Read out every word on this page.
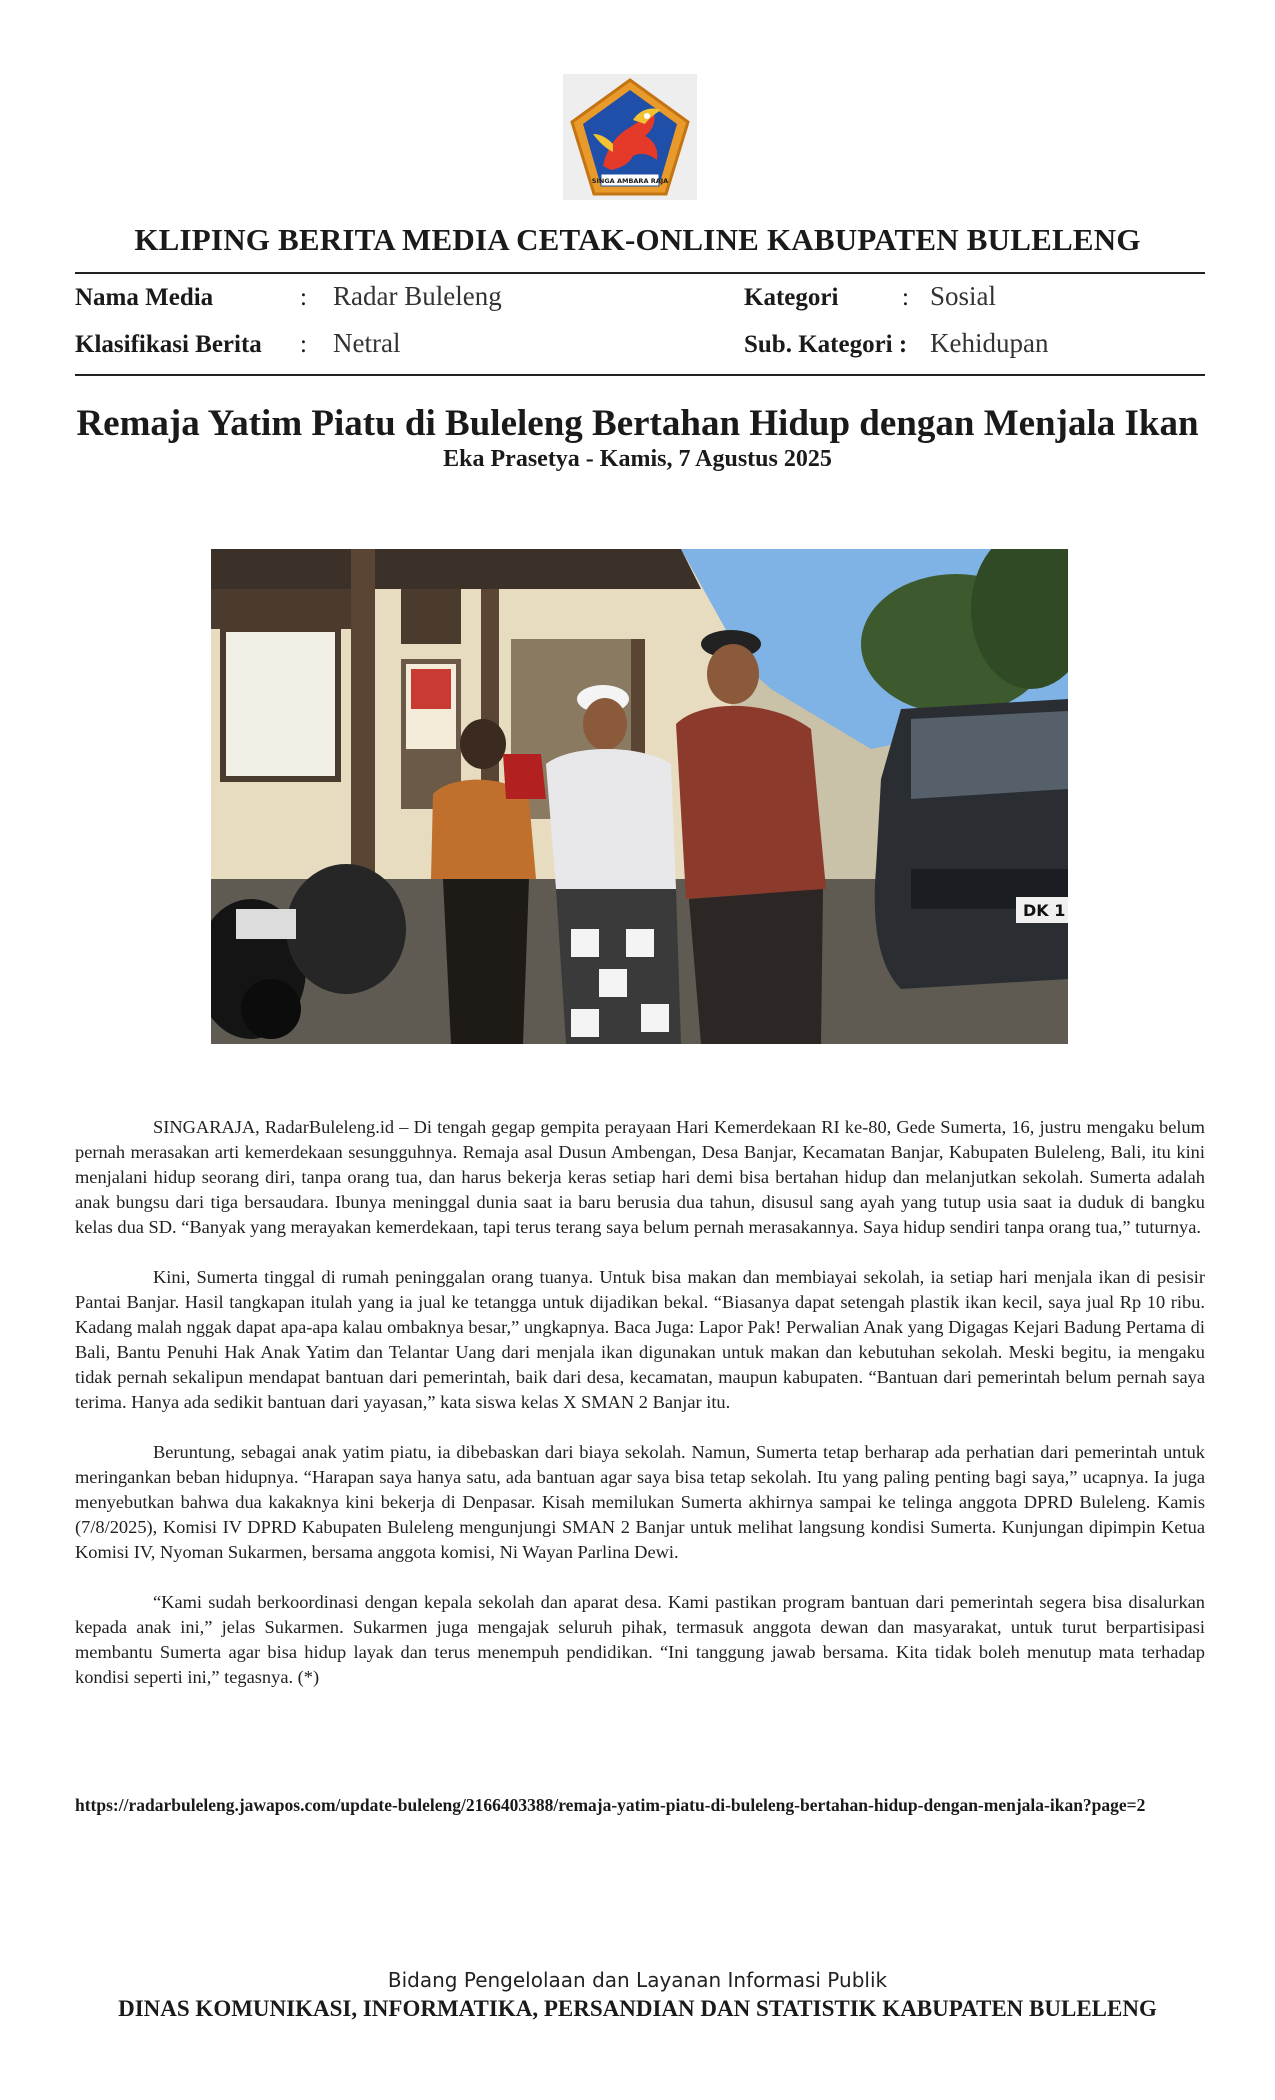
SINGA AMBARA RAJA
KLIPING BERITA MEDIA CETAK-ONLINE KABUPATEN BULELENG
Nama Media	: Radar Buleleng	Kategori	: Sosial
Klasifikasi Berita : Netral	Sub. Kategori : Kehidupan
Remaja Yatim Piatu di Buleleng Bertahan Hidup dengan Menjala Ikan
Eka Prasetya - Kamis, 7 Agustus 2025
DK 1

SINGARAJA, RadarBuleleng.id – Di tengah gegap gempita perayaan Hari Kemerdekaan RI ke-80, Gede Sumerta, 16, justru mengaku belum pernah merasakan arti kemerdekaan sesungguhnya. Remaja asal Dusun Ambengan, Desa Banjar, Kecamatan Banjar, Kabupaten Buleleng, Bali, itu kini menjalani hidup seorang diri, tanpa orang tua, dan harus bekerja keras setiap hari demi bisa bertahan hidup dan melanjutkan sekolah. Sumerta adalah anak bungsu dari tiga bersaudara. Ibunya meninggal dunia saat ia baru berusia dua tahun, disusul sang ayah yang tutup usia saat ia duduk di bangku kelas dua SD. “Banyak yang merayakan kemerdekaan, tapi terus terang saya belum pernah merasakannya. Saya hidup sendiri tanpa orang tua,” tuturnya.

Kini, Sumerta tinggal di rumah peninggalan orang tuanya. Untuk bisa makan dan membiayai sekolah, ia setiap hari menjala ikan di pesisir Pantai Banjar. Hasil tangkapan itulah yang ia jual ke tetangga untuk dijadikan bekal. “Biasanya dapat setengah plastik ikan kecil, saya jual Rp 10 ribu. Kadang malah nggak dapat apa-apa kalau ombaknya besar,” ungkapnya. Baca Juga: Lapor Pak! Perwalian Anak yang Digagas Kejari Badung Pertama di Bali, Bantu Penuhi Hak Anak Yatim dan Telantar Uang dari menjala ikan digunakan untuk makan dan kebutuhan sekolah. Meski begitu, ia mengaku tidak pernah sekalipun mendapat bantuan dari pemerintah, baik dari desa, kecamatan, maupun kabupaten. “Bantuan dari pemerintah belum pernah saya terima. Hanya ada sedikit bantuan dari yayasan,” kata siswa kelas X SMAN 2 Banjar itu.

Beruntung, sebagai anak yatim piatu, ia dibebaskan dari biaya sekolah. Namun, Sumerta tetap berharap ada perhatian dari pemerintah untuk meringankan beban hidupnya. “Harapan saya hanya satu, ada bantuan agar saya bisa tetap sekolah. Itu yang paling penting bagi saya,” ucapnya. Ia juga menyebutkan bahwa dua kakaknya kini bekerja di Denpasar. Kisah memilukan Sumerta akhirnya sampai ke telinga anggota DPRD Buleleng. Kamis (7/8/2025), Komisi IV DPRD Kabupaten Buleleng mengunjungi SMAN 2 Banjar untuk melihat langsung kondisi Sumerta. Kunjungan dipimpin Ketua Komisi IV, Nyoman Sukarmen, bersama anggota komisi, Ni Wayan Parlina Dewi.

“Kami sudah berkoordinasi dengan kepala sekolah dan aparat desa. Kami pastikan program bantuan dari pemerintah segera bisa disalurkan kepada anak ini,” jelas Sukarmen. Sukarmen juga mengajak seluruh pihak, termasuk anggota dewan dan masyarakat, untuk turut berpartisipasi membantu Sumerta agar bisa hidup layak dan terus menempuh pendidikan. “Ini tanggung jawab bersama. Kita tidak boleh menutup mata terhadap kondisi seperti ini,” tegasnya. (*)

https://radarbuleleng.jawapos.com/update-buleleng/2166403388/remaja-yatim-piatu-di-buleleng-bertahan-hidup-dengan-menjala-ikan?page=2
Bidang Pengelolaan dan Layanan Informasi Publik
DINAS KOMUNIKASI, INFORMATIKA, PERSANDIAN DAN STATISTIK KABUPATEN BULELENG
